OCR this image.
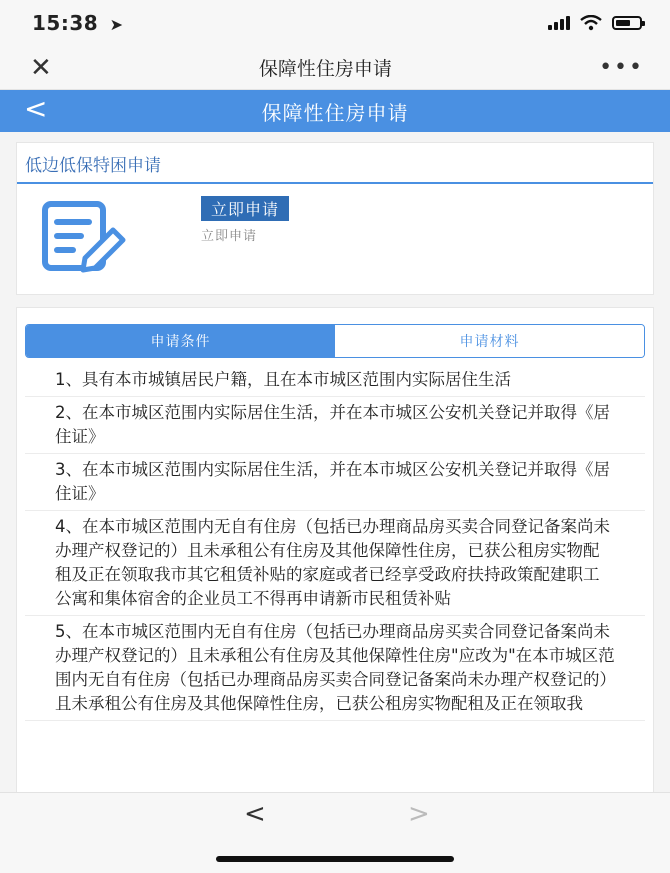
15:38 ➤
✕	保障性住房申请	•••
<	保障性住房申请
低边低保特困申请
立即申请
立即申请
申请条件	申请材料
1、具有本市城镇居民户籍，且在本市城区范围内实际居住生活
2、在本市城区范围内实际居住生活，并在本市城区公安机关登记并取得《居住证》
3、在本市城区范围内实际居住生活，并在本市城区公安机关登记并取得《居住证》
4、在本市城区范围内无自有住房（包括已办理商品房买卖合同登记备案尚未办理产权登记的）且未承租公有住房及其他保障性住房，已获公租房实物配租及正在领取我市其它租赁补贴的家庭或者已经享受政府扶持政策配建职工公寓和集体宿舍的企业员工不得再申请新市民租赁补贴
5、在本市城区范围内无自有住房（包括已办理商品房买卖合同登记备案尚未办理产权登记的）且未承租公有住房及其他保障性住房"应改为"在本市城区范围内无自有住房（包括已办理商品房买卖合同登记备案尚未办理产权登记的）且未承租公有住房及其他保障性住房，已获公租房实物配租及正在领取我
<	>
